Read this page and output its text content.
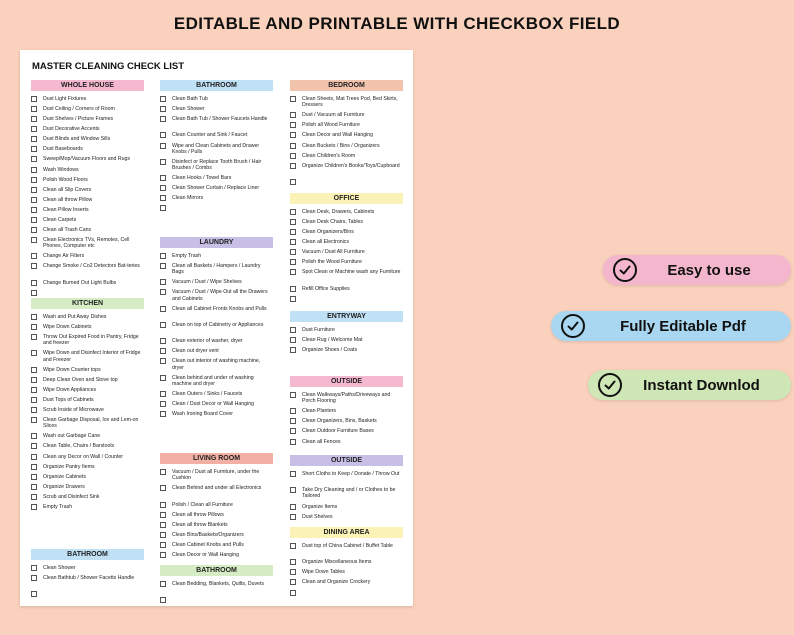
EDITABLE AND PRINTABLE WITH CHECKBOX FIELD
MASTER CLEANING CHECK LIST
WHOLE HOUSE
Dust Light Fixtures
Dust Ceiling / Corners of Room
Dust Shelves / Picture Frames
Dust Decorative Accents
Dust Blinds and Window Sills
Dust Baseboards
Sweep/Mop/Vacuum Floors and Rugs
Wash Windows
Polish Wood Floors
Clean all Slip Covers
Clean all throw Pillow
Clean Pillow Inserts
Clean Carpets
Clean all Trash Cans
Clean Electronics TVs, Remotes, Cell Phones, Computer etc
Change Air Filters
Change Smoke / Co2 Detectors Bat-teries
Change Burned Out Light Bulbs
KITCHEN
Wash and Put Away Dishes
Wipe Down Cabinets
Throw Out Expired Food in Pantry, Fridge and freezer
Wipe Down and Disinfect Interior of Fridge and Freezer
Wipe Down Counter tops
Deep Clean Oven and Stove top
Wipe Down Appliances
Dust Tops of Cabinets
Scrub Inside of Microwave
Clean Garbage Disposal, Ice and Lem-on Slices
Wash out Garbage Cane
Clean Table, Chairs / Barstools
Clean any Decor on Wall / Counter
Organize Pantry Items
Organize Cabinets
Organize Drawers
Scrub and Disinfect Sink
Empty Trash
BATHROOM
Clean Shower
Clean Bathtub / Shower Facetts Handle
BATHROOM
Clean Bath Tub
Clean Shower
Clean Bath Tub / Shower Faucets Handle
Clean Counter and Sink / Faucet
Wipe and Clean Cabinets and Drawer Knobs / Pulls
Disinfect or Replace Tooth Brush / Hair Brushes / Combs
Clean Hooks / Towel Bars
Clean Shower Curtain / Replace Liner
Clean Mirrors
LAUNDRY
Empty Trash
Clean all Baskets / Hampers / Laundry Bags
Vacuum / Dust / Wipe Shelves
Vacuum / Dust / Wipe Out all the Drawers and Cabinets
Clean all Cabinet Fronts Knobs and Pulls
Clean on top of Cabinetry or Appliances
Clean exterior of washer, dryer
Clean out dryer vent
Clean out interior of washing machine, dryer
Clean behind and under of washing machine and dryer
Clean Outers / Sinks / Faucets
Clean / Dust Decor or Wall Hanging
Wash Ironing Board Cover
LIVING ROOM
Vacuum / Dust all Furniture, under the Cushion
Clean Behind and under all Electronics
Polish / Clean all Furniture
Clean all throw Pillows
Clean all throw Blankets
Clean Bins/Baskets/Organizers
Clean Cabinet Knobs and Pulls
Clean Decor or Wall Hanging
BATHROOM
Clean Bedding, Blankets, Quilts, Duvets
BEDROOM
Clean Sheets, Mat Trees Pod, Bed Skirts, Dressers
Dust / Vacuum all Furniture
Polish all Wood Furniture
Clean Decor and Wall Hanging
Clean Buckets / Bins / Organizers
Clean Children's Room
Organize Children's Books/Toys/Cupboard
OFFICE
Clean Desk, Drawers, Cabinets
Clean Desk Chairs, Tables
Clean Organizers/Bins
Clean all Electronics
Vacuum / Dust All Furniture
Polish the Wood Furniture
Spot Clean or Machine wash any Furniture
Refill Office Supplies
ENTRYWAY
Dust Furniture
Clean Rug / Welcome Mat
Organize Shoes / Coats
OUTSIDE
Clean Walkways/Paths/Driveways and Porch Flooring
Clean Planters
Clean Organizers, Bins, Baskets
Clean Outdoor Furniture Bases
Clean all Fences
OUTSIDE
Short Cloths to Keep / Donate / Throw Out
Take Dry Cleaning and / or Clothes to be Tailored
Organize Items
Dust Shelves
DINING AREA
Dust top of China Cabinet / Buffet Table
Organize Miscellaneous Items
Wipe Down Tables
Clean and Organize Crockery
Easy to use
Fully Editable Pdf
Instant Downlod
